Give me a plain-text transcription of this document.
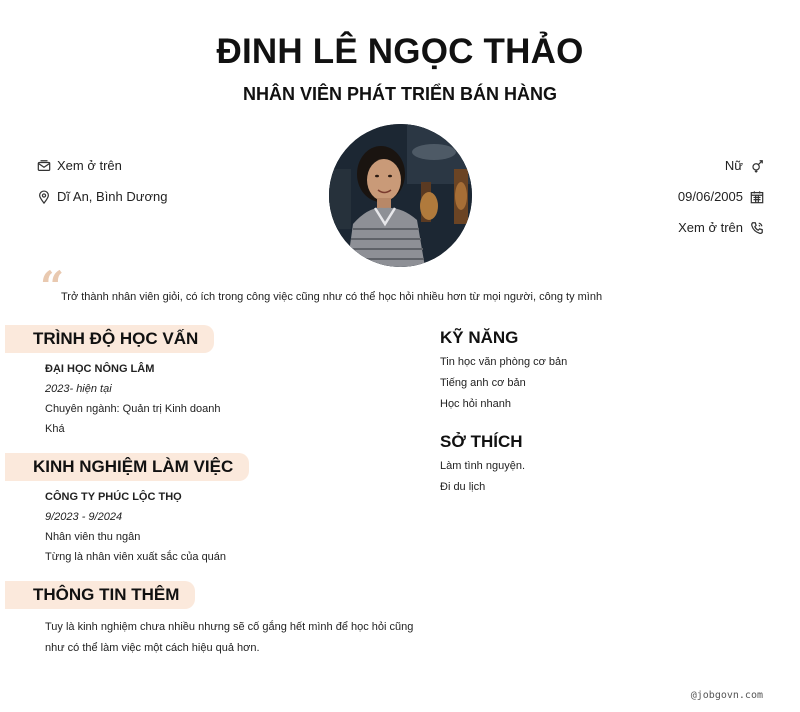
ĐINH LÊ NGỌC THẢO
NHÂN VIÊN PHÁT TRIỂN BÁN HÀNG
Xem ở trên
Dĩ An, Bình Dương
Nữ
09/06/2005
Xem ở trên
“
Trở thành nhân viên giỏi, có ích trong công việc cũng như có thể học hỏi nhiều hơn từ mọi người, công ty mình
TRÌNH ĐỘ HỌC VẤN
ĐẠI HỌC NÔNG LÂM
2023- hiện tại
Chuyên ngành: Quản trị Kinh doanh
Khá
KINH NGHIỆM LÀM VIỆC
CÔNG TY PHÚC LỘC THỌ
9/2023 - 9/2024
Nhân viên thu ngân
Từng là nhân viên xuất sắc của quán
THÔNG TIN THÊM
Tuy là kinh nghiệm chưa nhiều nhưng sẽ cố gắng hết mình để học hỏi cũng như có thể làm việc một cách hiệu quả hơn.
KỸ NĂNG
Tin học văn phòng cơ bản
Tiếng anh cơ bản
Học hỏi nhanh
SỞ THÍCH
Làm tình nguyện.
Đi du lịch
@jobgovn.com
